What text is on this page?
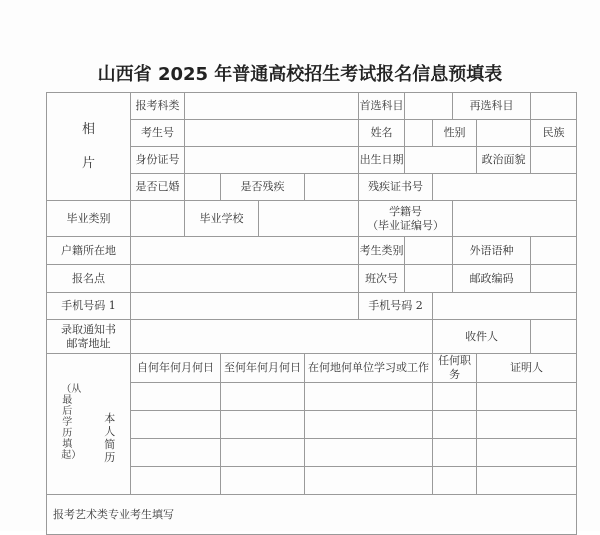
山西省 2025 年普通高校招生考试报名信息预填表
相
片	报考科类					首选科目			再选科目			
	考生号					姓名		性别			民族	
	身份证号					出生日期				政治面貌		
	是否已婚		是否残疾			残疾证书号						
毕业类别		毕业学校				学籍号
（毕业证编号）						

户籍所在地						考生类别			外语语种			
报名点						班次号			邮政编码			
手机号码 1						手机号码 2						

录取通知书
邮寄地址								收件人				

（从最后学历填起）
本人简历	自何年何月何日		至何年何月何日		在何地何单位学习或工作			任何职务		证明人		

报考艺术类专业考生填写												
